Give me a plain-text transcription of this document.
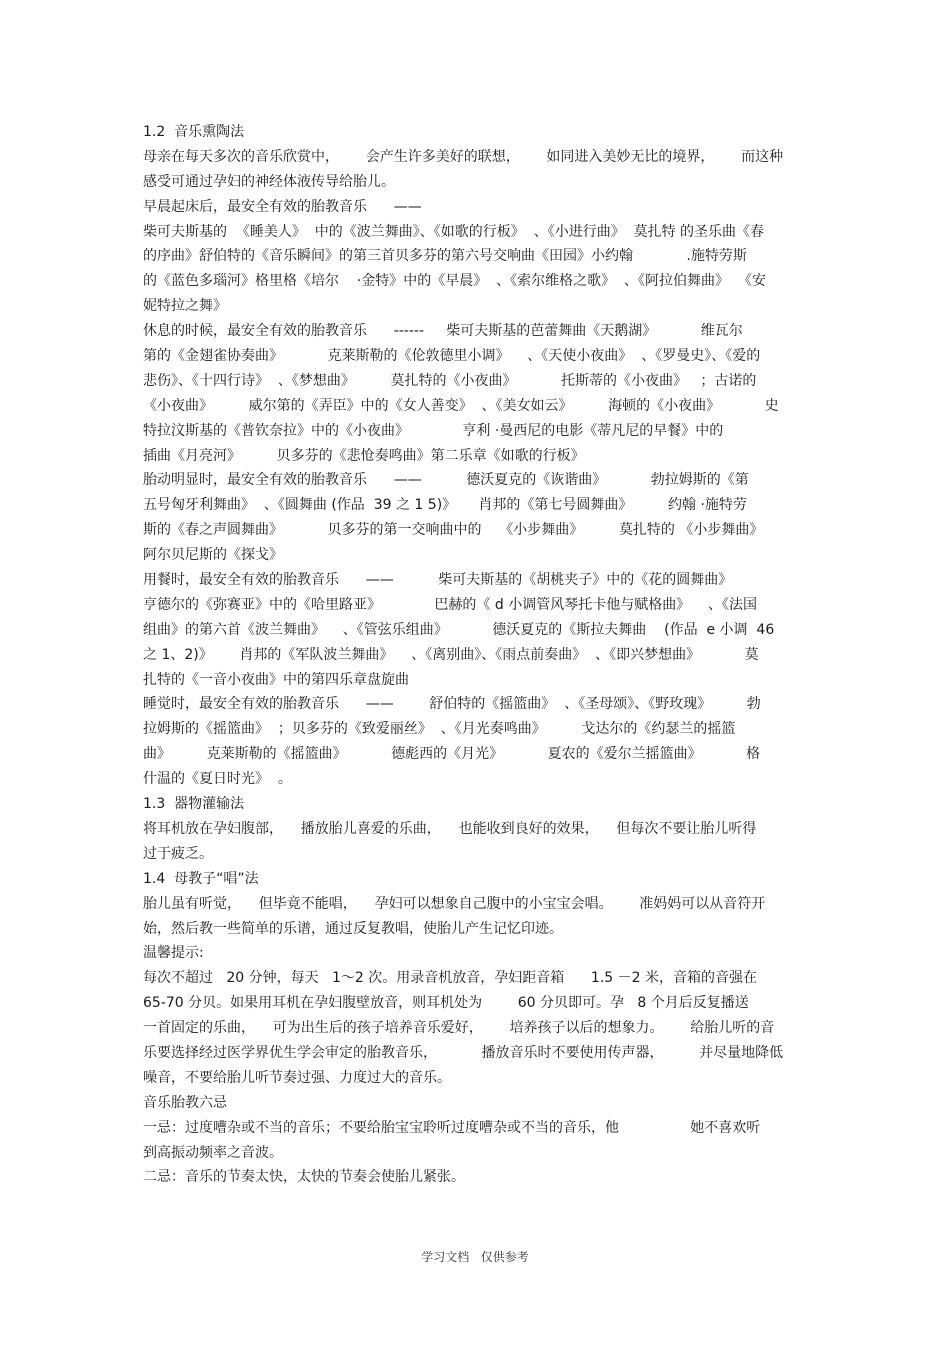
1.2  音乐熏陶法
母亲在每天多次的音乐欣赏中，      会产生许多美好的联想，      如同进入美妙无比的境界，      而这种
感受可通过孕妇的神经体液传导给胎儿。
早晨起床后，最安全有效的胎教音乐      ——
柴可夫斯基的  《睡美人》  中的《波兰舞曲》、《如歌的行板》  、《小进行曲》  莫扎特 的圣乐曲《春
的序曲》舒伯特的《音乐瞬间》的第三首贝多芬的第六号交响曲《田园》小约翰            .施特劳斯
的《蓝色多瑙河》格里格《培尔    ·金特》中的《早晨》  、《索尔维格之歌》  、《阿拉伯舞曲》  《安
妮特拉之舞》
休息的时候，最安全有效的胎教音乐      ------     柴可夫斯基的芭蕾舞曲《天鹅湖》          维瓦尔
第的《金翅雀协奏曲》          克莱斯勒的《伦敦德里小调》    、《天使小夜曲》  、《罗曼史》、《爱的
悲伤》、《十四行诗》  、《梦想曲》        莫扎特的《小夜曲》          托斯蒂的《小夜曲》   ；古诺的
《小夜曲》        威尔第的《弄臣》中的《女人善变》  、《美女如云》        海顿的《小夜曲》          史
特拉汶斯基的《普钦奈拉》中的《小夜曲》            亨利 ·曼西尼的电影《蒂凡尼的早餐》中的
插曲《月亮河》        贝多芬的《悲怆奏鸣曲》第二乐章《如歌的行板》
胎动明显时，最安全有效的胎教音乐      ——          德沃夏克的《诙谐曲》          勃拉姆斯的《第
五号匈牙利舞曲》  、《圆舞曲 (作品  39 之 1 5)》     肖邦的《第七号圆舞曲》        约翰 ·施特劳
斯的《春之声圆舞曲》          贝多芬的第一交响曲中的    《小步舞曲》        莫扎特的 《小步舞曲》
阿尔贝尼斯的《探戈》
用餐时，最安全有效的胎教音乐      ——          柴可夫斯基的《胡桃夹子》中的《花的圆舞曲》
亨德尔的《弥赛亚》中的《哈里路亚》            巴赫的《 d 小调管风琴托卡他与赋格曲》    、《法国
组曲》的第六首《波兰舞曲》    、《管弦乐组曲》          德沃夏克的《斯拉夫舞曲    (作品  e 小调  46
之 1、2)》      肖邦的《军队波兰舞曲》    、《离别曲》、《雨点前奏曲》  、《即兴梦想曲》          莫
扎特的《一音小夜曲》中的第四乐章盘旋曲
睡觉时，最安全有效的胎教音乐      ——        舒伯特的《摇篮曲》  、《圣母颂》、《野玫瑰》        勃
拉姆斯的《摇篮曲》  ；贝多芬的《致爱丽丝》  、《月光奏鸣曲》        戈达尔的《约瑟兰的摇篮
曲》        克莱斯勒的《摇篮曲》          德彪西的《月光》          夏农的《爱尔兰摇篮曲》          格
什温的《夏日时光》  。
1.3  器物灌输法
将耳机放在孕妇腹部，    播放胎儿喜爱的乐曲，    也能收到良好的效果，    但每次不要让胎儿听得
过于疲乏。
1.4  母教子“唱”法
胎儿虽有听觉，    但毕竟不能唱，    孕妇可以想象自己腹中的小宝宝会唱。      准妈妈可以从音符开
始，然后教一些简单的乐谱，通过反复教唱，使胎儿产生记忆印迹。
温馨提示:
每次不超过   20 分钟，每天   1～2 次。用录音机放音，孕妇距音箱      1.5 －2 米，音箱的音强在
65-70 分贝。如果用耳机在孕妇腹壁放音，则耳机处为        60 分贝即可。孕   8 个月后反复播送
一首固定的乐曲，    可为出生后的孩子培养音乐爱好，      培养孩子以后的想象力。      给胎儿听的音
乐要选择经过医学界优生学会审定的胎教音乐，          播放音乐时不要使用传声器，        并尽量地降低
噪音，不要给胎儿听节奏过强、力度过大的音乐。
音乐胎教六忌
一忌：过度嘈杂或不当的音乐；不要给胎宝宝聆听过度嘈杂或不当的音乐，他                她不喜欢听
到高振动频率之音波。
二忌：音乐的节奏太快，太快的节奏会使胎儿紧张。
学习文档   仅供参考
